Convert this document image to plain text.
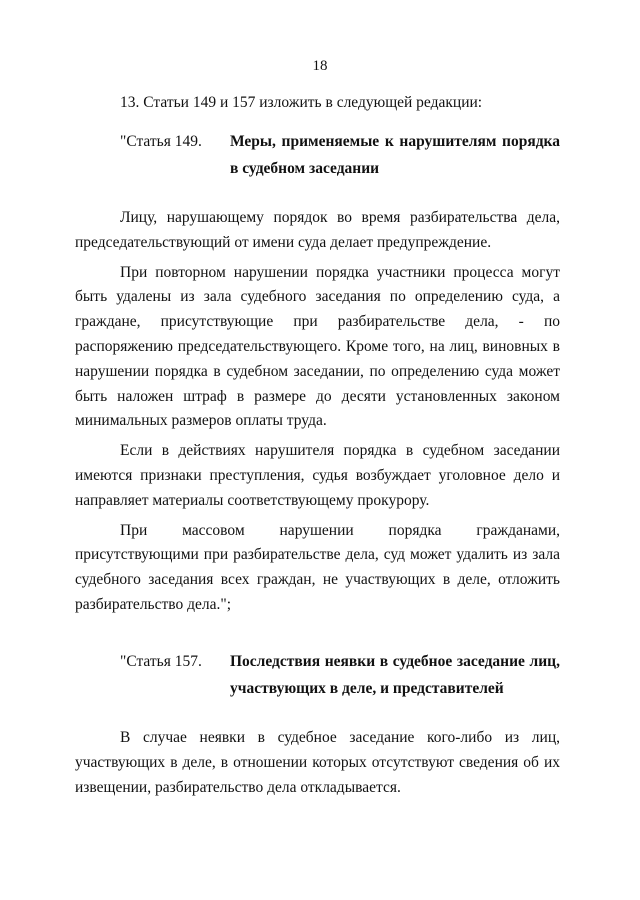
18
13. Статьи 149 и 157 изложить в следующей редакции:
"Статья 149. Меры, применяемые к нарушителям порядка в судебном заседании

Лицу, нарушающему порядок во время разбирательства дела, председательствующий от имени суда делает предупреждение.

При повторном нарушении порядка участники процесса могут быть удалены из зала судебного заседания по определению суда, а граждане, присутствующие при разбирательстве дела, - по распоряжению председательствующего. Кроме того, на лиц, виновных в нарушении порядка в судебном заседании, по определению суда может быть наложен штраф в размере до десяти установленных законом минимальных размеров оплаты труда.

Если в действиях нарушителя порядка в судебном заседании имеются признаки преступления, судья возбуждает уголовное дело и направляет материалы соответствующему прокурору.

При массовом нарушении порядка гражданами, присутствующими при разбирательстве дела, суд может удалить из зала судебного заседания всех граждан, не участвующих в деле, отложить разбирательство дела.";

"Статья 157. Последствия неявки в судебное заседание лиц, участвующих в деле, и представителей

В случае неявки в судебное заседание кого-либо из лиц, участвующих в деле, в отношении которых отсутствуют сведения об их извещении, разбирательство дела откладывается.
